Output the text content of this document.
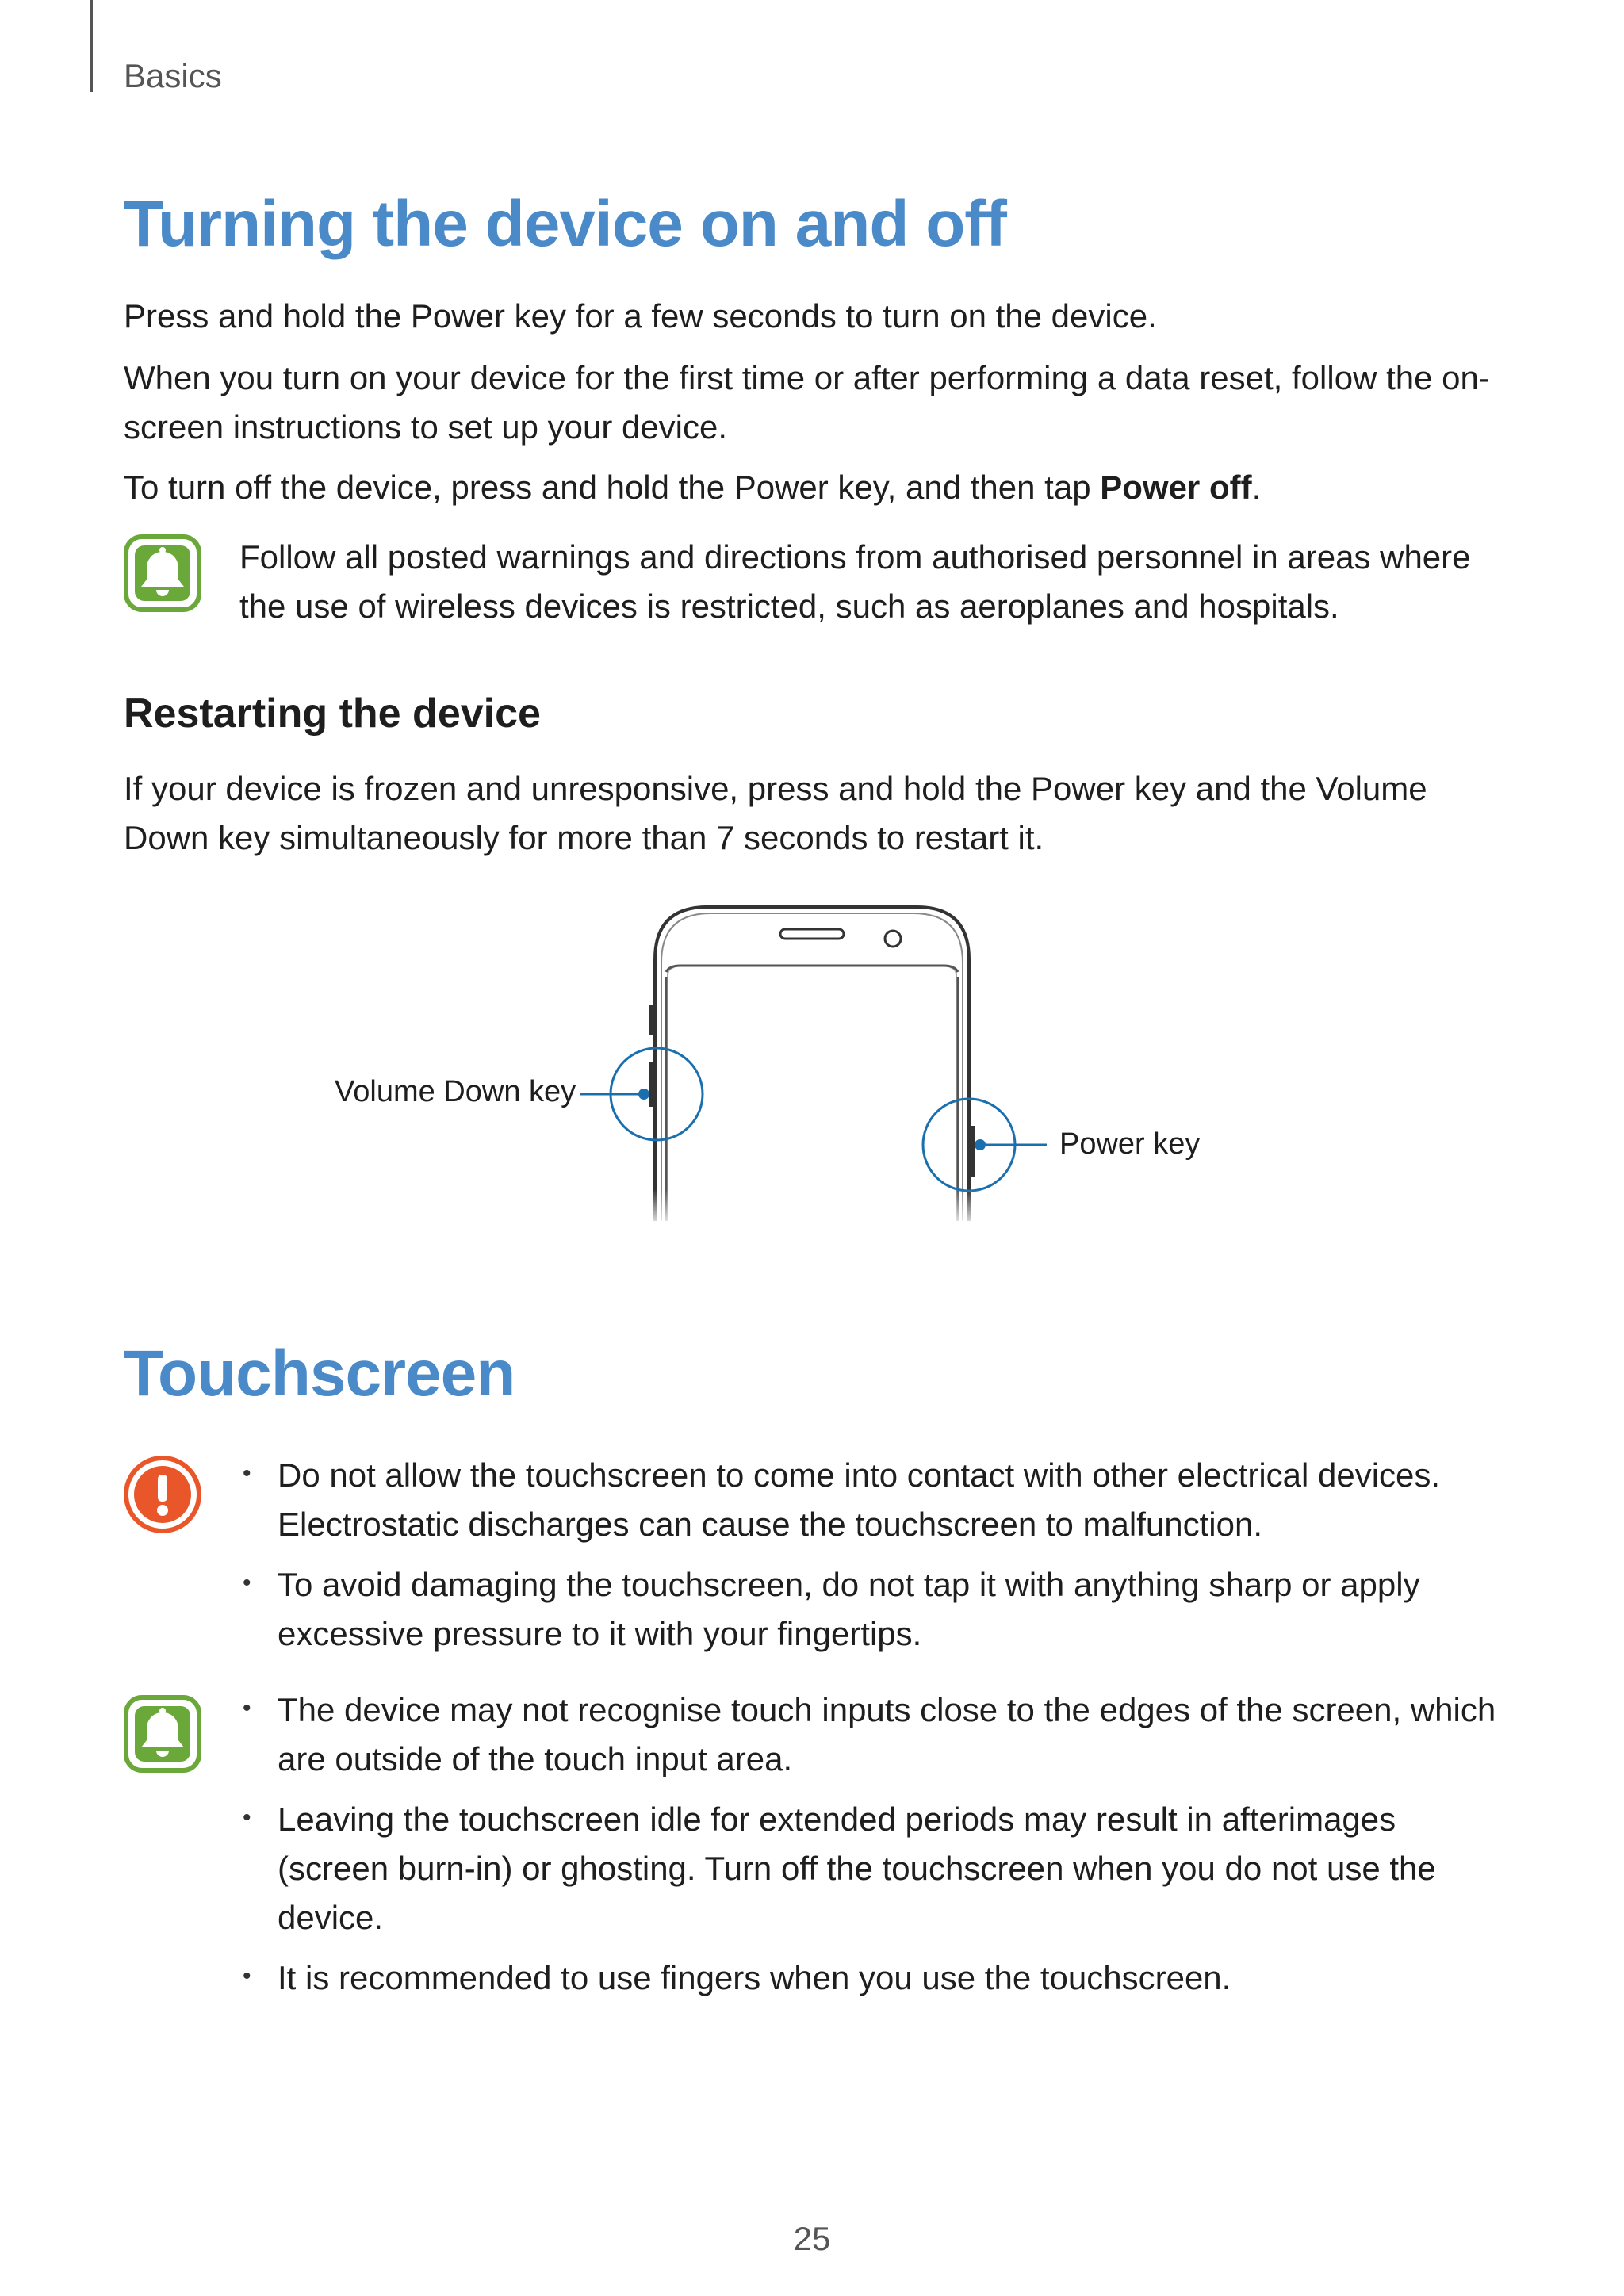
Basics
Turning the device on and off
Press and hold the Power key for a few seconds to turn on the device.
When you turn on your device for the first time or after performing a data reset, follow the on-screen instructions to set up your device.
To turn off the device, press and hold the Power key, and then tap Power off.
Follow all posted warnings and directions from authorised personnel in areas where the use of wireless devices is restricted, such as aeroplanes and hospitals.
Restarting the device
If your device is frozen and unresponsive, press and hold the Power key and the Volume Down key simultaneously for more than 7 seconds to restart it.
Volume Down key
Power key
Touchscreen
• Do not allow the touchscreen to come into contact with other electrical devices. Electrostatic discharges can cause the touchscreen to malfunction.
• To avoid damaging the touchscreen, do not tap it with anything sharp or apply excessive pressure to it with your fingertips.
• The device may not recognise touch inputs close to the edges of the screen, which are outside of the touch input area.
• Leaving the touchscreen idle for extended periods may result in afterimages (screen burn-in) or ghosting. Turn off the touchscreen when you do not use the device.
• It is recommended to use fingers when you use the touchscreen.
25
